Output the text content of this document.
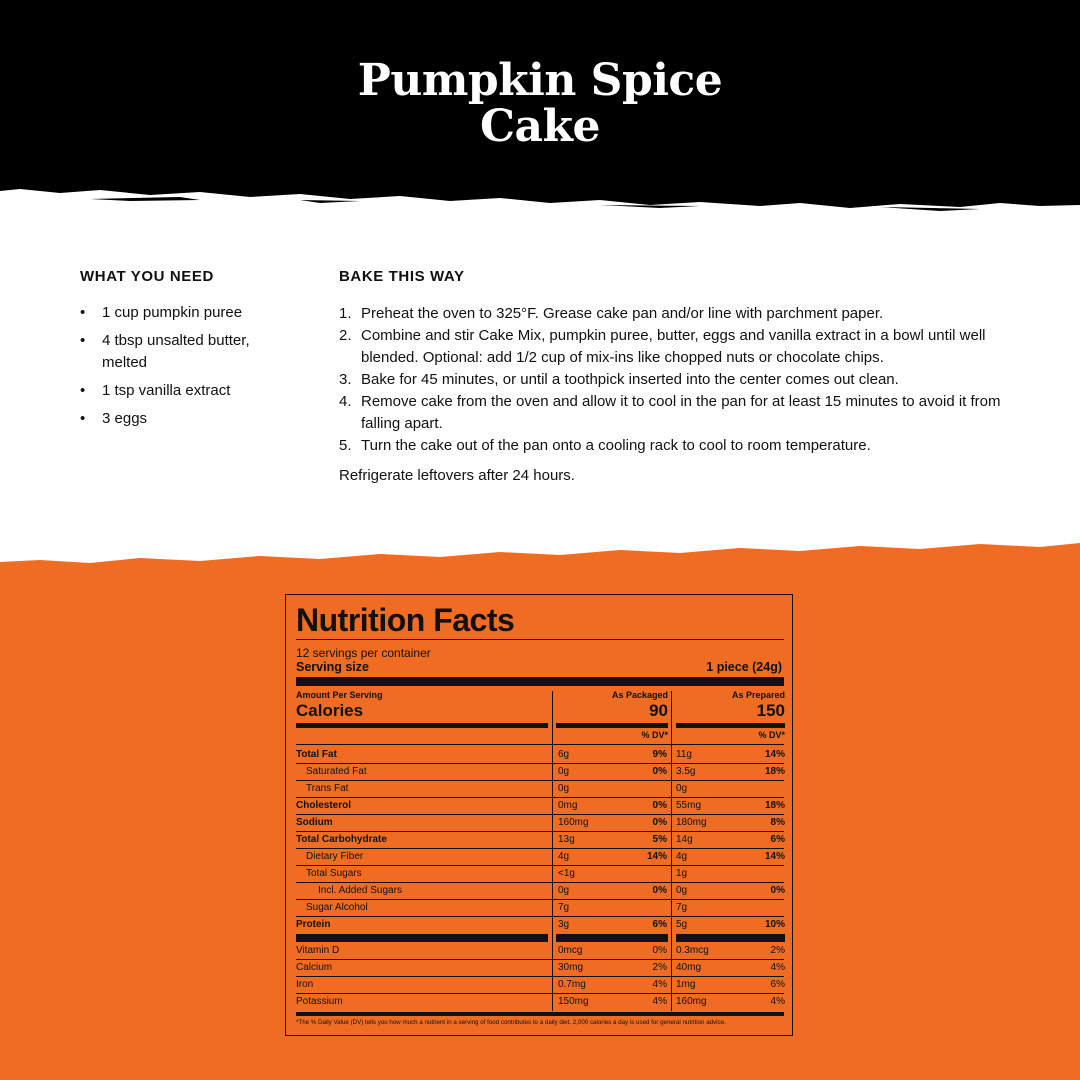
Pumpkin Spice
Cake
WHAT YOU NEED
• 1 cup pumpkin puree
• 4 tbsp unsalted butter, melted
• 1 tsp vanilla extract
• 3 eggs
BAKE THIS WAY
1. Preheat the oven to 325°F. Grease cake pan and/or line with parchment paper.
2. Combine and stir Cake Mix, pumpkin puree, butter, eggs and vanilla extract in a bowl until well blended. Optional: add 1/2 cup of mix-ins like chopped nuts or chocolate chips.
3. Bake for 45 minutes, or until a toothpick inserted into the center comes out clean.
4. Remove cake from the oven and allow it to cool in the pan for at least 15 minutes to avoid it from falling apart.
5. Turn the cake out of the pan onto a cooling rack to cool to room temperature.
Refrigerate leftovers after 24 hours.
Nutrition Facts
12 servings per container
Serving size	1 piece (24g)
Amount Per Serving
Calories
As Packaged	As Prepared
90	150
% DV*	% DV*
Total Fat	6g	9% 11g	14%
Saturated Fat	0g	0% 3.5g	18%
Trans Fat	0g	0g
Cholesterol	0mg	0% 55mg	18%
Sodium	160mg	0% 180mg	8%
Total Carbohydrate	13g	5% 14g	6%
Dietary Fiber	4g	14% 4g	14%
Total Sugars	<1g	1g
Incl. Added Sugars	0g	0% 0g	0%
Sugar Alcohol	7g	7g
Protein	3g	6% 5g	10%
Vitamin D	0mcg	0% 0.3mcg	2%
Calcium	30mg	2% 40mg	4%
Iron	0.7mg	4% 1mg	6%
Potassium	150mg	4% 160mg	4%
*The % Daily Value (DV) tells you how much a nutrient in a serving of food contributes to a daily diet. 2,000 calories a day is used for general nutrition advice.
